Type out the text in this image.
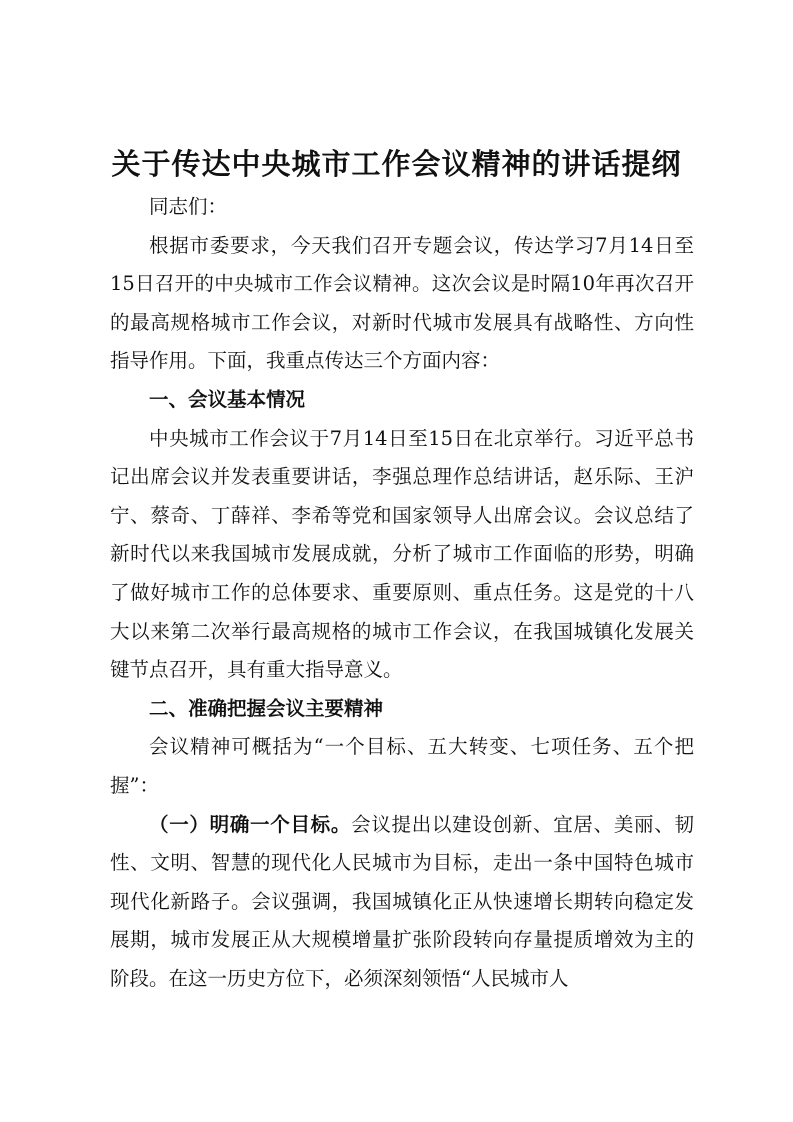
关于传达中央城市工作会议精神的讲话提纲

同志们：

根据市委要求，今天我们召开专题会议，传达学习7月14日至15日召开的中央城市工作会议精神。这次会议是时隔10年再次召开的最高规格城市工作会议，对新时代城市发展具有战略性、方向性指导作用。下面，我重点传达三个方面内容：

一、会议基本情况

中央城市工作会议于7月14日至15日在北京举行。习近平总书记出席会议并发表重要讲话，李强总理作总结讲话，赵乐际、王沪宁、蔡奇、丁薛祥、李希等党和国家领导人出席会议。会议总结了新时代以来我国城市发展成就，分析了城市工作面临的形势，明确了做好城市工作的总体要求、重要原则、重点任务。这是党的十八大以来第二次举行最高规格的城市工作会议，在我国城镇化发展关键节点召开，具有重大指导意义。

二、准确把握会议主要精神

会议精神可概括为“一个目标、五大转变、七项任务、五个把握”：

（一）明确一个目标。会议提出以建设创新、宜居、美丽、韧性、文明、智慧的现代化人民城市为目标，走出一条中国特色城市现代化新路子。会议强调，我国城镇化正从快速增长期转向稳定发展期，城市发展正从大规模增量扩张阶段转向存量提质增效为主的阶段。在这一历史方位下，必须深刻领悟“人民城市人
